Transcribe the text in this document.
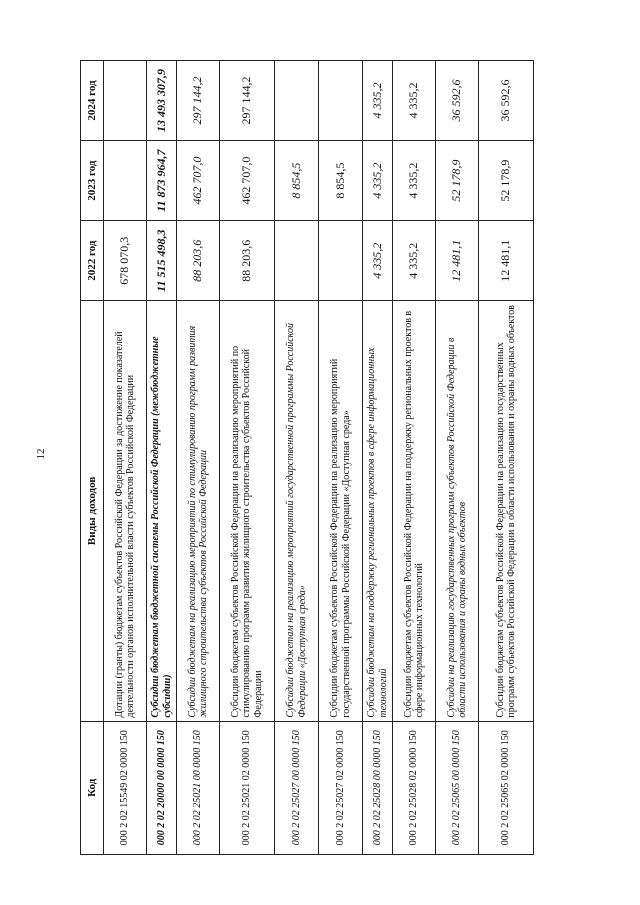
12
Код	Виды доходов	2022 год	2023 год	2024 год
000 2 02 15549 02 0000 150	Дотации (гранты) бюджетам субъектов Российской Федерации за достижение показателей деятельности органов исполнительной власти субъектов Российской Федерации	678 070,3		
000 2 02 20000 00 0000 150	Субсидии бюджетам бюджетной системы Российской Федерации (межбюджетные субсидии)	11 515 498,3	11 873 964,7	13 493 307,9
000 2 02 25021 00 0000 150	Субсидии бюджетам на реализацию мероприятий по стимулированию программ развития жилищного строительства субъектов Российской Федерации	88 203,6	462 707,0	297 144,2
000 2 02 25021 02 0000 150	Субсидии бюджетам субъектов Российской Федерации на реализацию мероприятий по стимулированию программ развития жилищного строительства субъектов Российской Федерации	88 203,6	462 707,0	297 144,2
000 2 02 25027 00 0000 150	Субсидии бюджетам на реализацию мероприятий государственной программы Российской Федерации «Доступная среда»		8 854,5	
000 2 02 25027 02 0000 150	Субсидии бюджетам субъектов Российской Федерации на реализацию мероприятий государственной программы Российской Федерации «Доступная среда»		8 854,5	
000 2 02 25028 00 0000 150	Субсидии бюджетам на поддержку региональных проектов в сфере информационных технологий	4 335,2	4 335,2	4 335,2
000 2 02 25028 02 0000 150	Субсидии бюджетам субъектов Российской Федерации на поддержку региональных проектов в сфере информационных технологий	4 335,2	4 335,2	4 335,2
000 2 02 25065 00 0000 150	Субсидии на реализацию государственных программ субъектов Российской Федерации в области использования и охраны водных объектов	12 481,1	52 178,9	36 592,6
000 2 02 25065 02 0000 150	Субсидии бюджетам субъектов Российской Федерации на реализацию государственных программ субъектов Российской Федерации в области использования и охраны водных объектов	12 481,1	52 178,9	36 592,6
